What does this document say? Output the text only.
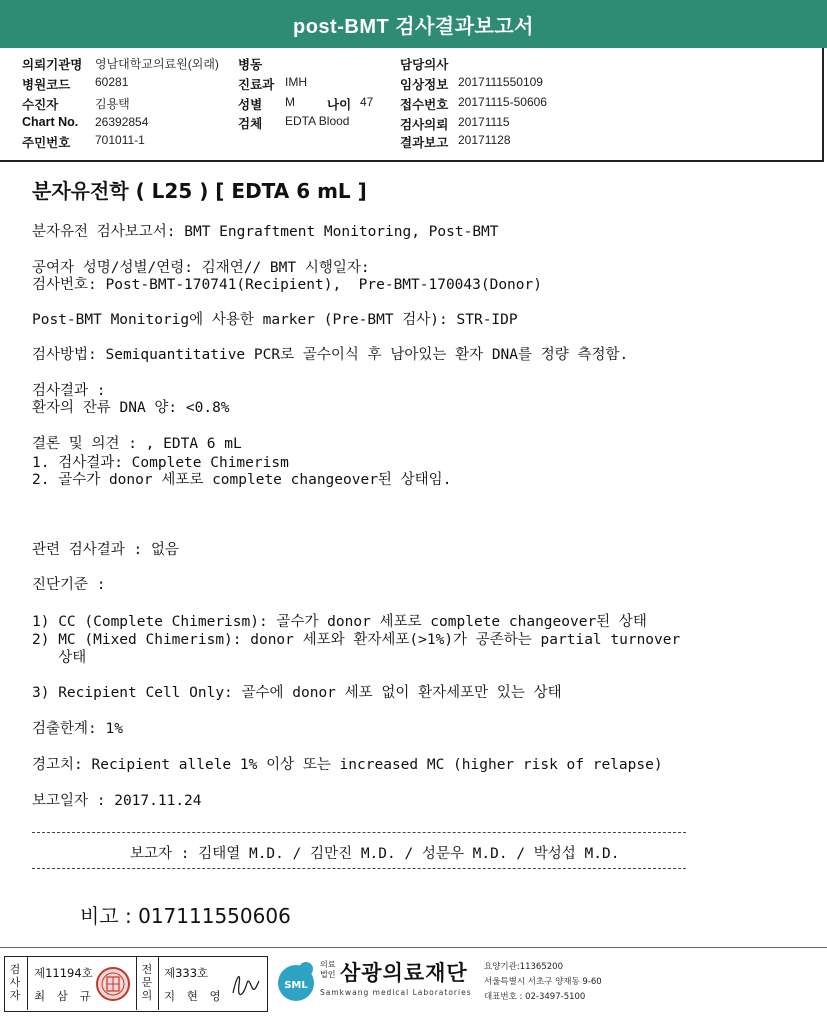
post-BMT 검사결과보고서
의뢰기관명 영남대학교의료원(외래)
병원코드 60281
수진자	김용택
Chart No. 26392854
주민번호 701011-1
병동
진료과 IMH
성별 M	나이 47
검체 EDTA Blood
담당의사
임상정보 20171115501​09
접수번호 20171115-50606
검사의뢰 20171115
결과보고 20171128
분자유전학 ( L25 ) [ EDTA 6 mL ]
분자유전 검사보고서: BMT Engraftment Monitoring, Post-BMT
공여자 성명/성별/연령: 김재연// BMT 시행일자:
검사번호: Post-BMT-170741(Recipient),  Pre-BMT-170043(Donor)
Post-BMT Monitorig에 사용한 marker (Pre-BMT 검사): STR-IDP
검사방법: Semiquantitative PCR로 골수이식 후 남아있는 환자 DNA를 정량 측정함.
검사결과 :
환자의 잔류 DNA 양: <0.8%
결론 및 의견 : , EDTA 6 mL
1. 검사결과: Complete Chimerism
2. 골수가 donor 세포로 complete changeover된 상태임.
관련 검사결과 : 없음
진단기준 :
1) CC (Complete Chimerism): 골수가 donor 세포로 complete changeover된 상태
2) MC (Mixed Chimerism): donor 세포와 환자세포(>1%)가 공존하는 partial turnover
상태
3) Recipient Cell Only: 골수에 donor 세포 없이 환자세포만 있는 상태
검출한계: 1%
경고치: Recipient allele 1% 이상 또는 increased MC (higher risk of relapse)
보고일자 : 2017.11.24
보고자 : 김태열 M.D. / 김만진 M.D. / 성문우 M.D. / 박성섭 M.D.
비고 : 017111550606
검사자
제11194호
최 삼 규
전문의
제333호
지 현 영
SML
의료
법인 삼광의료재단
Samkwang medical Laboratories
요양기관:11365200
서울특별시 서초구 양재동 9-60
대표번호 : 02-3497-5100
